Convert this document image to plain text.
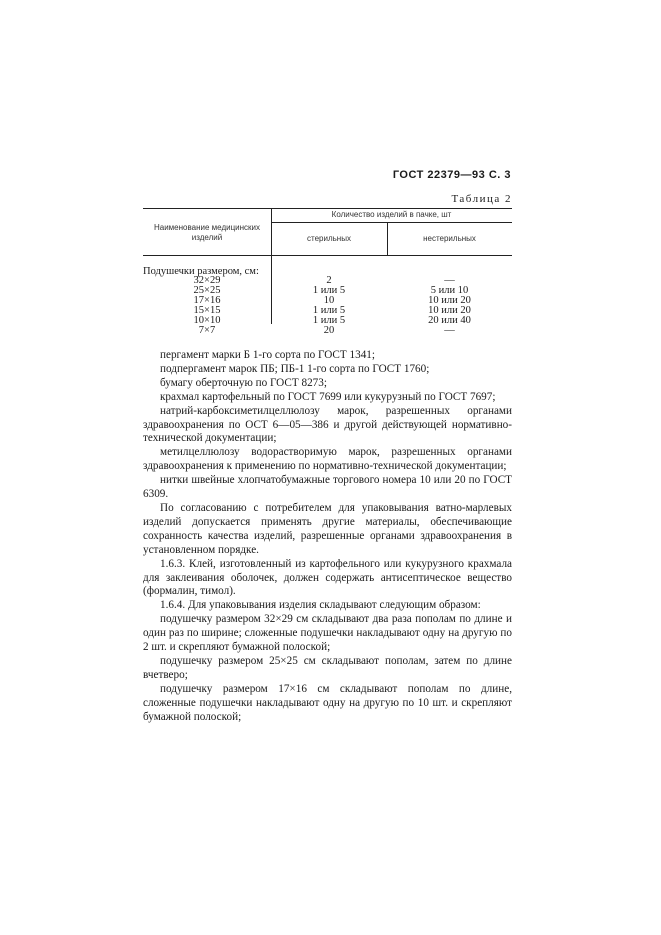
ГОСТ 22379—93 С. 3
Таблица 2
Наименование медицинских изделий
Количество изделий в пачке, шт
стерильных	нестерильных
Подушечки размером, см:
32×29	2	—
25×25	1 или 5	5 или 10
17×16	10	10 или 20
15×15	1 или 5	10 или 20
10×10	1 или 5	20 или 40
7×7	20	—

пергамент марки Б 1-го сорта по ГОСТ 1341;

подпергамент марок ПБ; ПБ-1 1-го сорта по ГОСТ 1760;

бумагу оберточную по ГОСТ 8273;

крахмал картофельный по ГОСТ 7699 или кукурузный по ГОСТ 7697;

натрий-карбоксиметилцеллюлозу марок, разрешенных органами здравоохранения по ОСТ 6—05—386 и другой действующей нормативно-технической документации;

метилцеллюлозу водорастворимую марок, разрешенных органами здравоохранения к применению по нормативно-технической документации;

нитки швейные хлопчатобумажные торгового номера 10 или 20 по ГОСТ 6309.

По согласованию с потребителем для упаковывания ватно-марлевых изделий допускается применять другие материалы, обеспечивающие сохранность качества изделий, разрешенные органами здравоохранения в установленном порядке.

1.6.3. Клей, изготовленный из картофельного или кукурузного крахмала для заклеивания оболочек, должен содержать антисептическое вещество (формалин, тимол).

1.6.4. Для упаковывания изделия складывают следующим образом:

подушечку размером 32×29 см складывают два раза пополам по длине и один раз по ширине; сложенные подушечки накладывают одну на другую по 2 шт. и скрепляют бумажной полоской;

подушечку размером 25×25 см складывают пополам, затем по длине вчетверо;

подушечку размером 17×16 см складывают пополам по длине, сложенные подушечки накладывают одну на другую по 10 шт. и скрепляют бумажной полоской;
